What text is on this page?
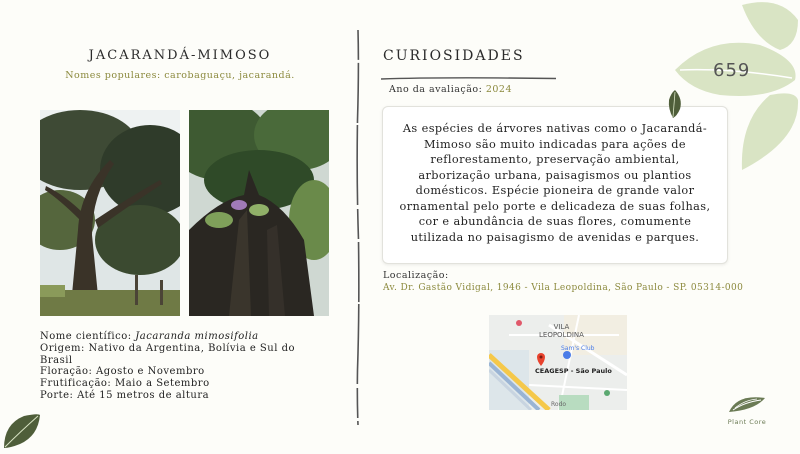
JACARANDÁ-MIMOSO
Nomes populares: carobaguaçu, jacarandá.
Nome científico: Jacaranda mimosifolia
Origem: Nativo da Argentina, Bolívia e Sul do Brasil
Floração: Agosto e Novembro
Frutificação: Maio a Setembro
Porte: Até 15 metros de altura
CURIOSIDADES
Ano da avaliação: 2024
As espécies de árvores nativas como o Jacarandá-Mimoso são muito indicadas para ações de reflorestamento, preservação ambiental, arborização urbana, paisagismos ou plantios domésticos. Espécie pioneira de grande valor ornamental pelo porte e delicadeza de suas folhas, cor e abundância de suas flores, comumente utilizada no paisagismo de avenidas e parques.
Localização:
Av. Dr. Gastão Vidigal, 1946 - Vila Leopoldina, São Paulo - SP. 05314-000
VILA
LEOPOLDINA
Sam's Club
CEAGESP - São Paulo
Rodo
659
Plant Core
